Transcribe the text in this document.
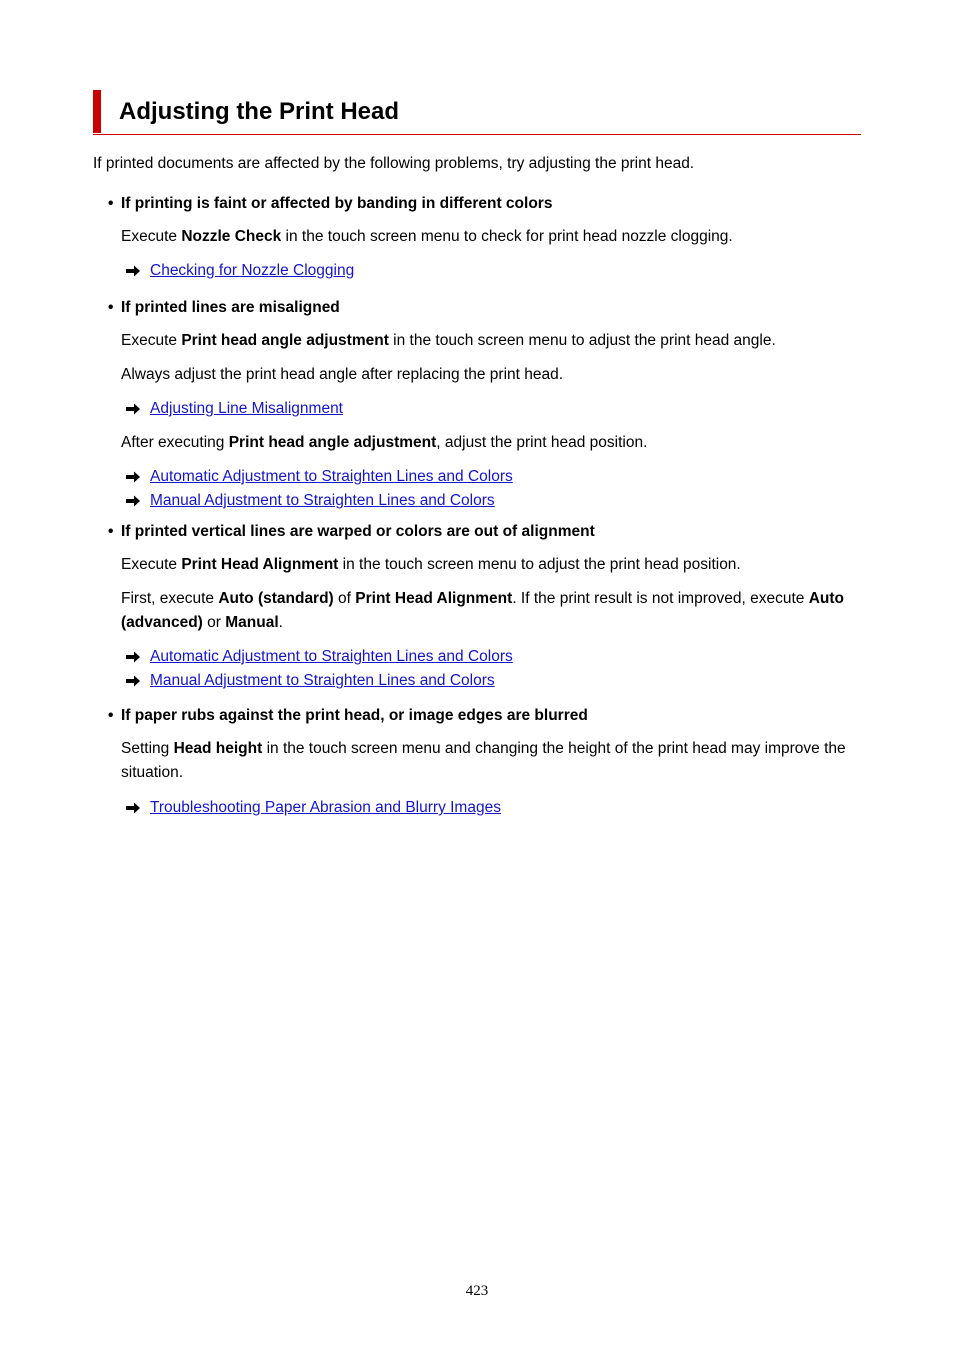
Adjusting the Print Head

If printed documents are affected by the following problems, try adjusting the print head.

• If printing is faint or affected by banding in different colors

Execute Nozzle Check in the touch screen menu to check for print head nozzle clogging.

Checking for Nozzle Clogging
• If printed lines are misaligned

Execute Print head angle adjustment in the touch screen menu to adjust the print head angle.

Always adjust the print head angle after replacing the print head.

Adjusting Line Misalignment

After executing Print head angle adjustment, adjust the print head position.

Automatic Adjustment to Straighten Lines and Colors
Manual Adjustment to Straighten Lines and Colors
• If printed vertical lines are warped or colors are out of alignment

Execute Print Head Alignment in the touch screen menu to adjust the print head position.

First, execute Auto (standard) of Print Head Alignment. If the print result is not improved, execute Auto (advanced) or Manual.

Automatic Adjustment to Straighten Lines and Colors
Manual Adjustment to Straighten Lines and Colors
• If paper rubs against the print head, or image edges are blurred

Setting Head height in the touch screen menu and changing the height of the print head may improve the situation.

Troubleshooting Paper Abrasion and Blurry Images
423
